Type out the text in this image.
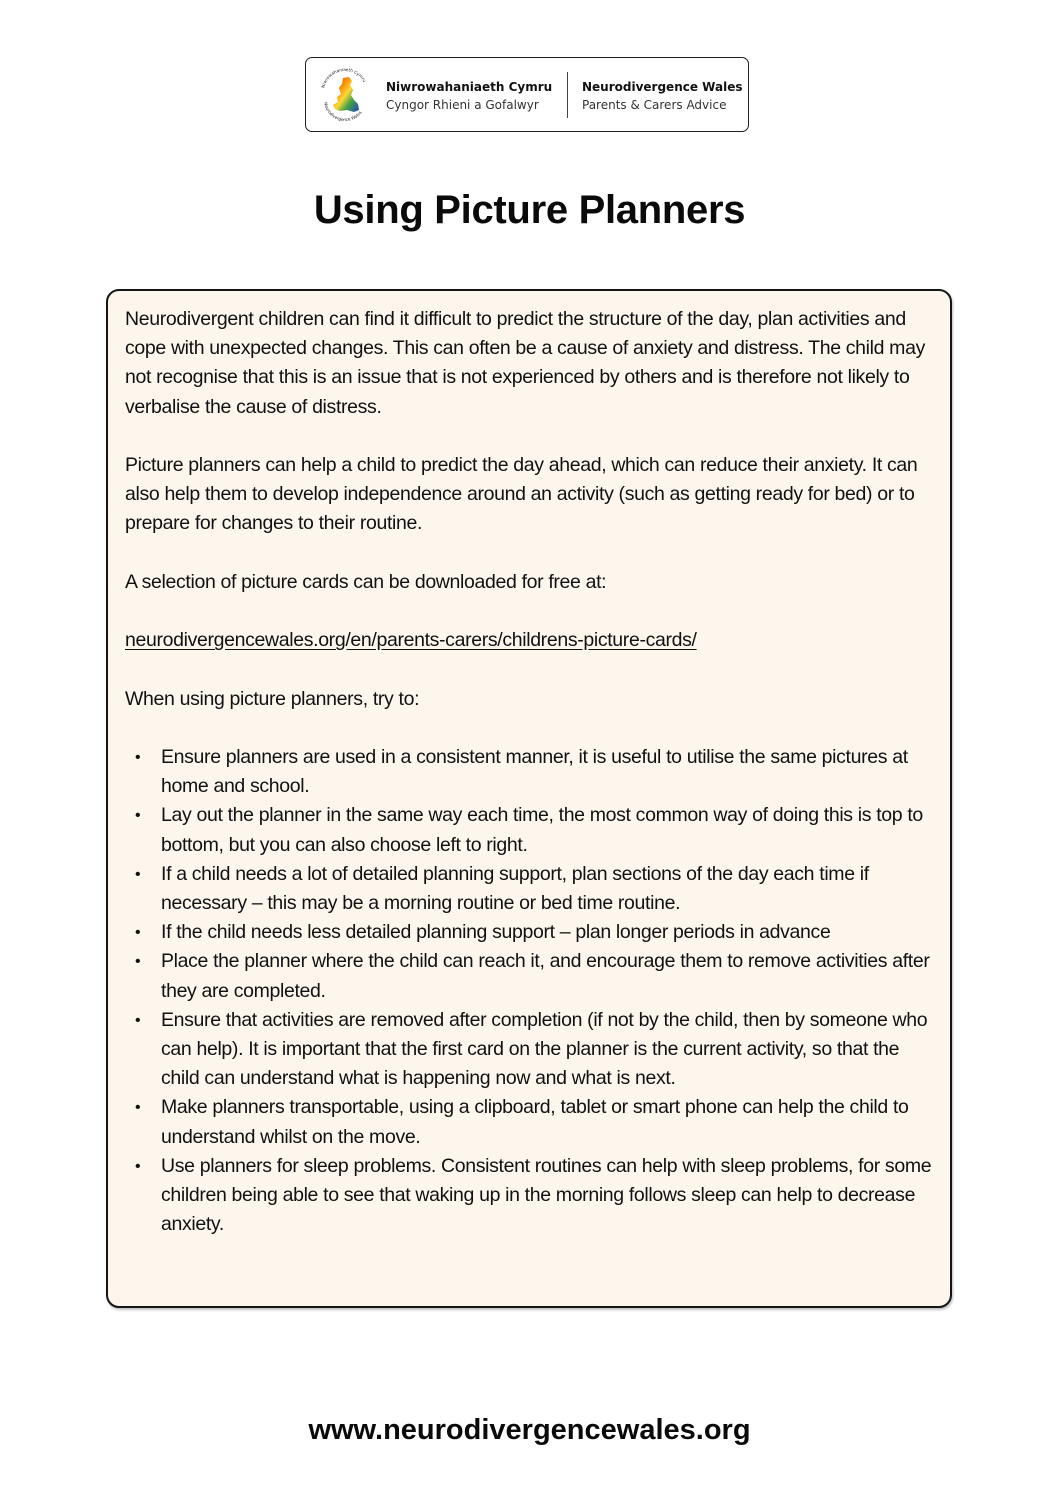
Niwrowahaniaeth Cymru
Neurodivergence Wales
Niwrowahaniaeth Cymru
Cyngor Rhieni a Gofalwyr
Neurodivergence Wales
Parents & Carers Advice
Using Picture Planners

Neurodivergent children can find it difficult to predict the structure of the day, plan activities and cope with unexpected changes. This can often be a cause of anxiety and distress. The child may not recognise that this is an issue that is not experienced by others and is therefore not likely to verbalise the cause of distress.

Picture planners can help a child to predict the day ahead, which can reduce their anxiety. It can also help them to develop independence around an activity (such as getting ready for bed) or to prepare for changes to their routine.

A selection of picture cards can be downloaded for free at:

neurodivergencewales.org/en/parents-carers/childrens-picture-cards/

When using picture planners, try to:

• Ensure planners are used in a consistent manner, it is useful to utilise the same pictures at home and school.
• Lay out the planner in the same way each time, the most common way of doing this is top to bottom, but you can also choose left to right.
• If a child needs a lot of detailed planning support, plan sections of the day each time if necessary – this may be a morning routine or bed time routine.
• If the child needs less detailed planning support – plan longer periods in advance
• Place the planner where the child can reach it, and encourage them to remove activities after they are completed.
• Ensure that activities are removed after completion (if not by the child, then by someone who can help). It is important that the first card on the planner is the current activity, so that the child can understand what is happening now and what is next.
• Make planners transportable, using a clipboard, tablet or smart phone can help the child to understand whilst on the move.
• Use planners for sleep problems. Consistent routines can help with sleep problems, for some children being able to see that waking up in the morning follows sleep can help to decrease anxiety.
www.neurodivergencewales.org
